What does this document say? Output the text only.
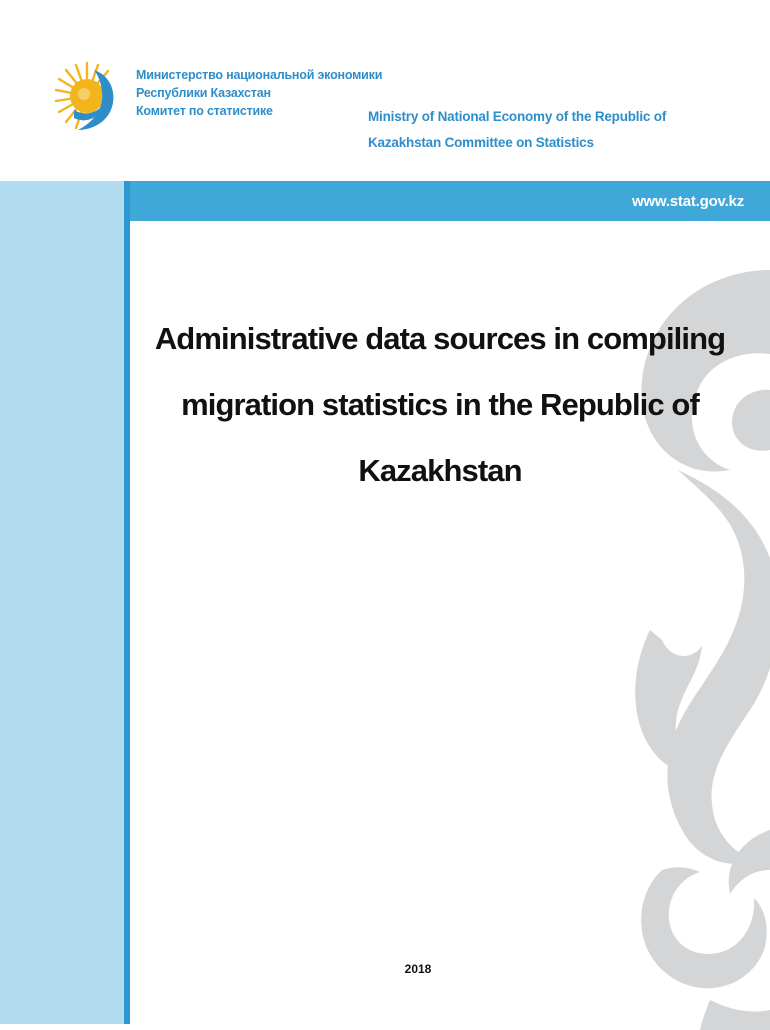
Министерство национальной экономики
Республики Казахстан
Комитет по статистике	Ministry of National Economy of the Republic of
Kazakhstan Committee on Statistics
www.stat.gov.kz
Administrative data sources in compiling
migration statistics in the Republic of
Kazakhstan
2018
